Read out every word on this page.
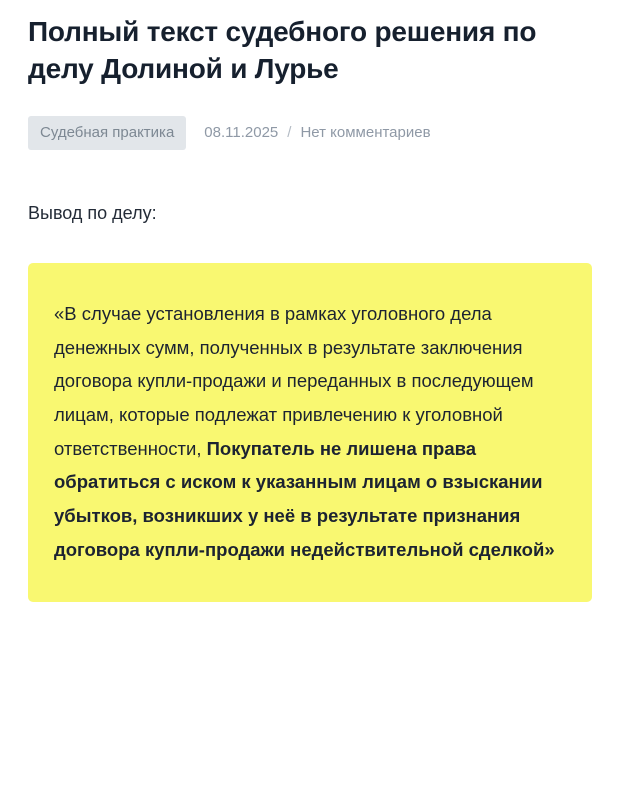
Полный текст судебного решения по делу Долиной и Лурье
Судебная практика	08.11.2025 / Нет комментариев

Вывод по делу:

«В случае установления в рамках уголовного дела денежных сумм, полученных в результате заключения договора купли-продажи и переданных в последующем лицам, которые подлежат привлечению к уголовной ответственности, Покупатель не лишена права обратиться с иском к указанным лицам о взыскании убытков, возникших у неё в результате признания договора купли-продажи недействительной сделкой»
